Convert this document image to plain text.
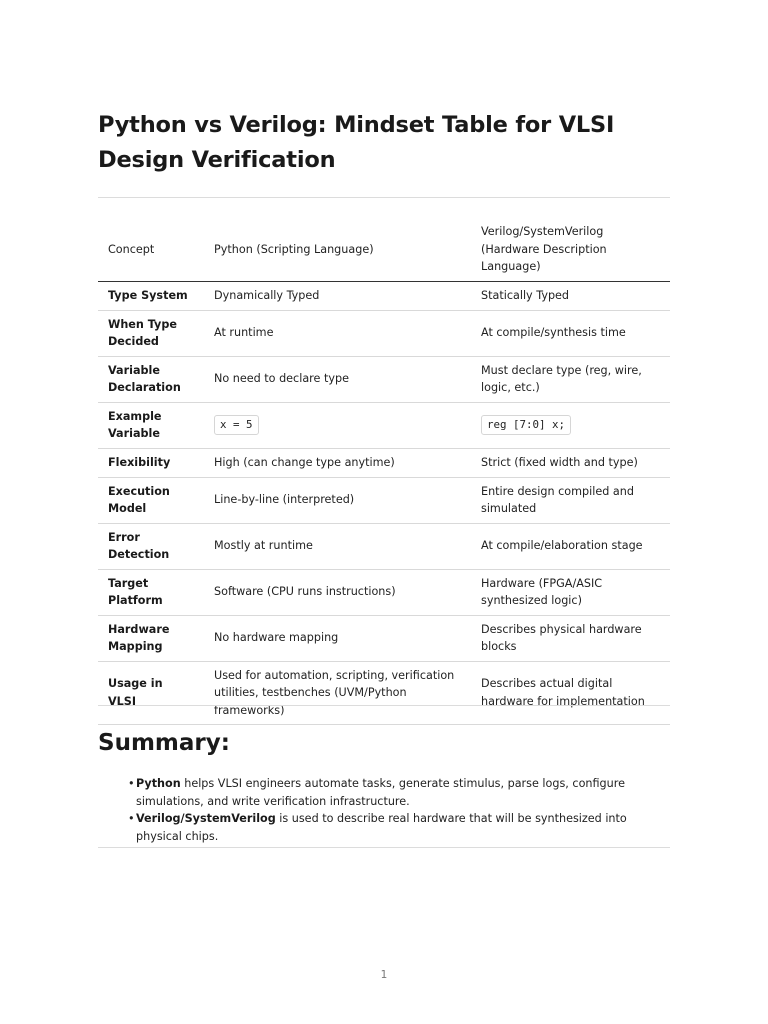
Python vs Verilog: Mindset Table for VLSI Design Verification
Concept	Python (Scripting Language)	Verilog/SystemVerilog (Hardware Description Language)
Type System	Dynamically Typed	Statically Typed
When Type Decided	At runtime	At compile/synthesis time
Variable Declaration	No need to declare type	Must declare type (reg, wire, logic, etc.)
Example Variable	x = 5	reg [7:0] x;
Flexibility	High (can change type anytime)	Strict (fixed width and type)
Execution Model	Line-by-line (interpreted)	Entire design compiled and simulated
Error Detection	Mostly at runtime	At compile/elaboration stage
Target Platform	Software (CPU runs instructions)	Hardware (FPGA/ASIC synthesized logic)
Hardware Mapping	No hardware mapping	Describes physical hardware blocks
Usage in VLSI	Used for automation, scripting, verification utilities, testbenches (UVM/Python frameworks)	Describes actual digital hardware for implementation
Summary:
• Python helps VLSI engineers automate tasks, generate stimulus, parse logs, configure simulations, and write verification infrastructure.
• Verilog/SystemVerilog is used to describe real hardware that will be synthesized into physical chips.
1
